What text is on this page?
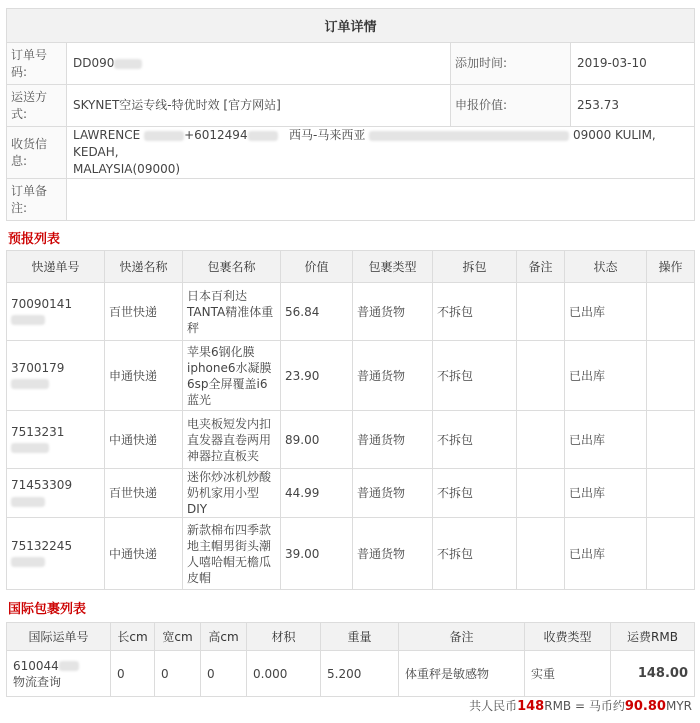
订单详情			
订单号码:	DD090	添加时间:	2019-03-10
运送方式:	SKYNET空运专线-特优时效 [官方网站]	申报价值:	253.73
收货信息:	LAWRENCE +6012494 西马-马来西亚 09000 KULIM, KEDAH,
MALAYSIA(09000)		
订单备注:			
预报列表
快递单号	快递名称	包裹名称	价值	包裹类型	拆包	备注	状态	操作
70090141	百世快递	日本百利达TANTA精准体重秤	56.84	普通货物	不拆包		已出库	
3700179	申通快递	苹果6钢化膜iphone6水凝膜6sp全屏覆盖i6蓝光	23.90	普通货物	不拆包		已出库	
7513231	中通快递	电夹板短发内扣直发器直卷两用神器拉直板夹	89.00	普通货物	不拆包		已出库	
71453309	百世快递	迷你炒冰机炒酸奶机家用小型DIY	44.99	普通货物	不拆包		已出库	
75132245	中通快递	新款棉布四季款地主帽男街头潮人嘻哈帽无檐瓜皮帽	39.00	普通货物	不拆包		已出库	
国际包裹列表
国际运单号	长cm	宽cm	高cm	材积	重量	备注	收费类型	运费RMB
610044
物流查询	0	0	0	0.000	5.200	体重秤是敏感物	实重	148.00
共人民币148RMB = 马币约90.80MYR
